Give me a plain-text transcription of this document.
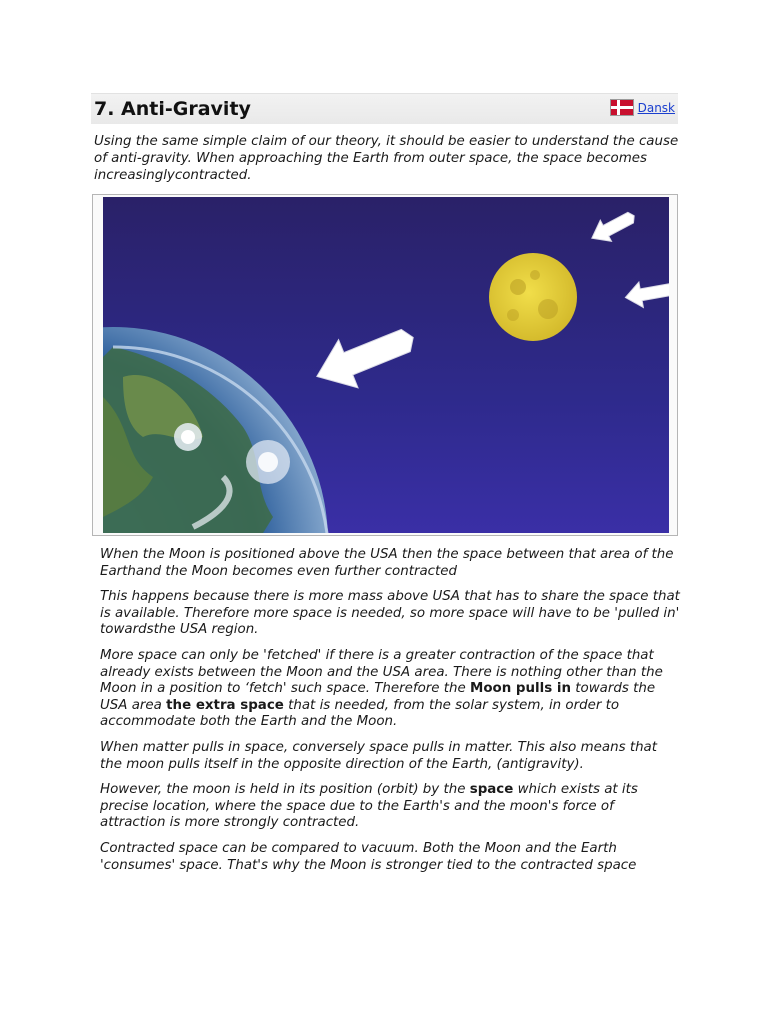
7. Anti-Gravity	Dansk

Using the same simple claim of our theory, it should be easier to understand the cause of anti-gravity. When approaching the Earth from outer space, the space becomes increasinglycontracted.

When the Moon is positioned above the USA then the space between that area of the Earthand the Moon becomes even further contracted

This happens because there is more mass above USA that has to share the space that is available. Therefore more space is needed, so more space will have to be 'pulled in' towardsthe USA region.

More space can only be 'fetched' if there is a greater contraction of the space that already exists between the Moon and the USA area. There is nothing other than the Moon in a position to ‘fetch' such space. Therefore the Moon pulls in towards the USA area the extra space that is needed, from the solar system, in order to accommodate both the Earth and the Moon.

When matter pulls in space, conversely space pulls in matter. This also means that the moon pulls itself in the opposite direction of the Earth, (antigravity).

However, the moon is held in its position (orbit) by the space which exists at its precise location, where the space due to the Earth's and the moon's force of attraction is more strongly contracted.

Contracted space can be compared to vacuum. Both the Moon and the Earth 'consumes' space. That's why the Moon is stronger tied to the contracted space
